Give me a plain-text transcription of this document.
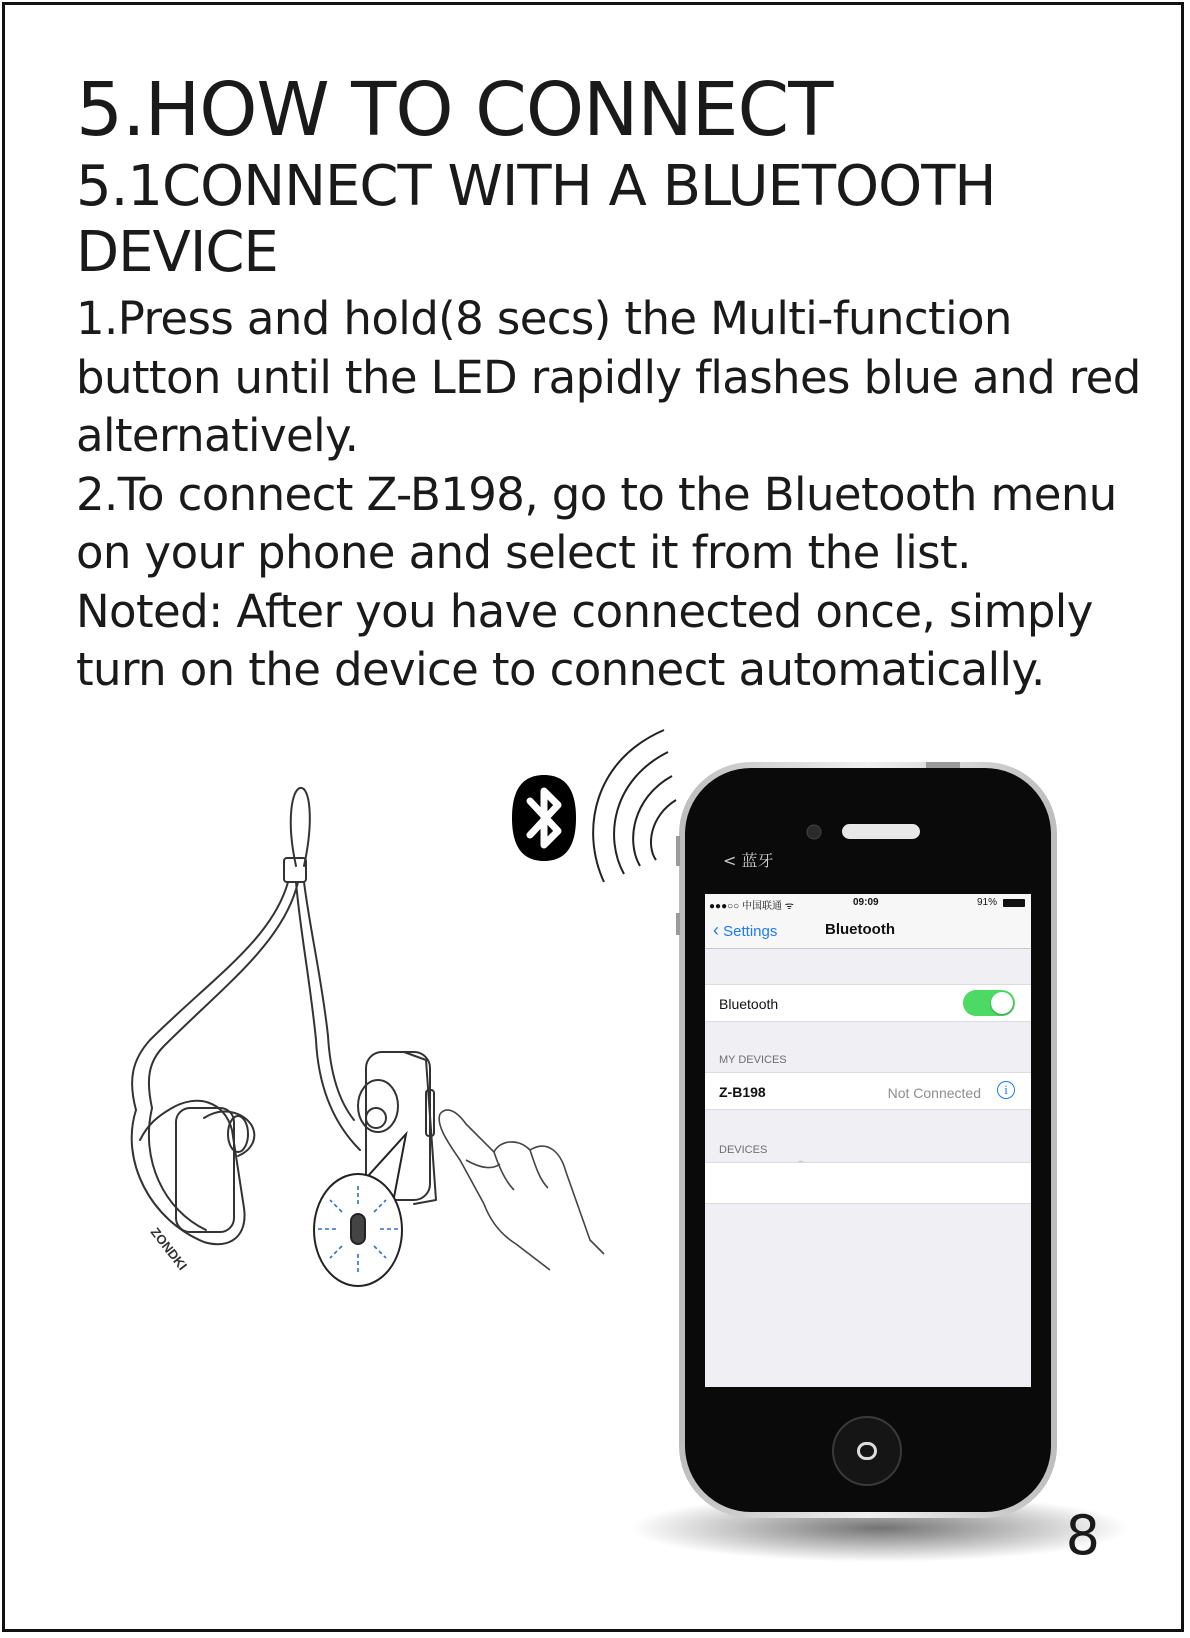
5.HOW TO CONNECT
5.1CONNECT WITH A BLUETOOTH DEVICE

1.Press and hold(8 secs) the Multi-function button until the LED rapidly flashes blue and red alternatively.

2.To connect Z-B198, go to the Bluetooth menu on your phone and select it from the list.

Noted: After you have connected once, simply turn on the device to connect automatically.

ZONDKI
< 蓝牙
●●●○○ 中国联通 ᯤ	09:09	91%
‹ Settings	Bluetooth
Bluetooth
MY DEVICES
Z-B198	Not Connected	i
DEVICES
8
